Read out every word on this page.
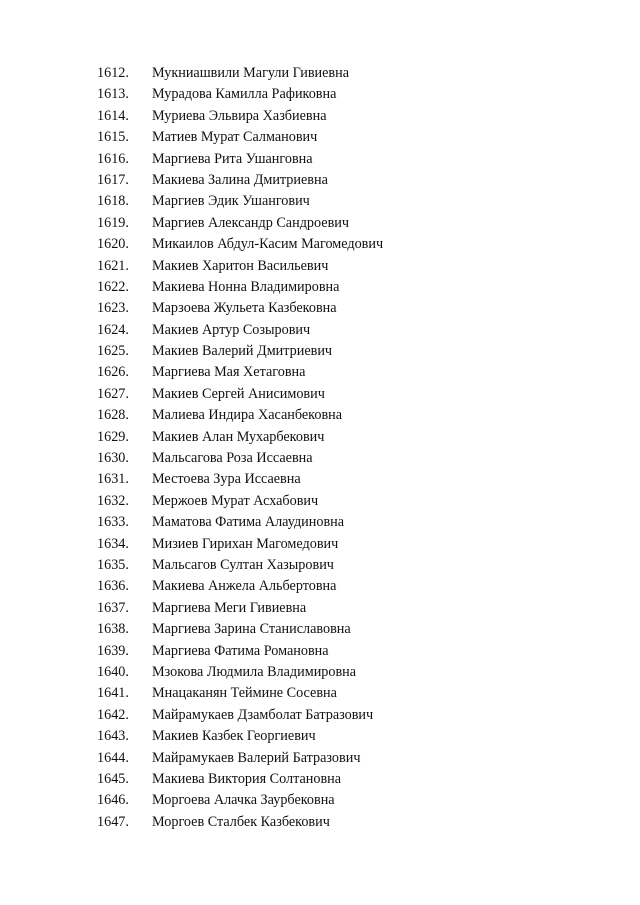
1612.	Мукниашвили Магули Гивиевна
1613.	Мурадова Камилла Рафиковна
1614.	Муриева Эльвира Хазбиевна
1615.	Матиев Мурат Салманович
1616.	Маргиева Рита Ушанговна
1617.	Макиева Залина Дмитриевна
1618.	Маргиев Эдик Ушангович
1619.	Маргиев Александр Сандроевич
1620.	Микаилов Абдул-Касим Магомедович
1621.	Макиев Харитон Васильевич
1622.	Макиева Нонна Владимировна
1623.	Марзоева Жульета Казбековна
1624.	Макиев Артур Созырович
1625.	Макиев Валерий Дмитриевич
1626.	Маргиева Мая Хетаговна
1627.	Макиев Сергей Анисимович
1628.	Малиева Индира Хасанбековна
1629.	Макиев Алан Мухарбекович
1630.	Мальсагова Роза Иссаевна
1631.	Местоева Зура Иссаевна
1632.	Мержоев Мурат Асхабович
1633.	Маматова Фатима Алаудиновна
1634.	Мизиев Гирихан Магомедович
1635.	Мальсагов Султан Хазырович
1636.	Макиева Анжела Альбертовна
1637.	Маргиева Меги Гивиевна
1638.	Маргиева Зарина Станиславовна
1639.	Маргиева Фатима Романовна
1640.	Мзокова Людмила Владимировна
1641.	Мнацаканян Теймине Сосевна
1642.	Майрамукаев Дзамболат Батразович
1643.	Макиев Казбек Георгиевич
1644.	Майрамукаев Валерий Батразович
1645.	Макиева Виктория Солтановна
1646.	Моргоева Алачка Заурбековна
1647.	Моргоев Сталбек Казбекович
